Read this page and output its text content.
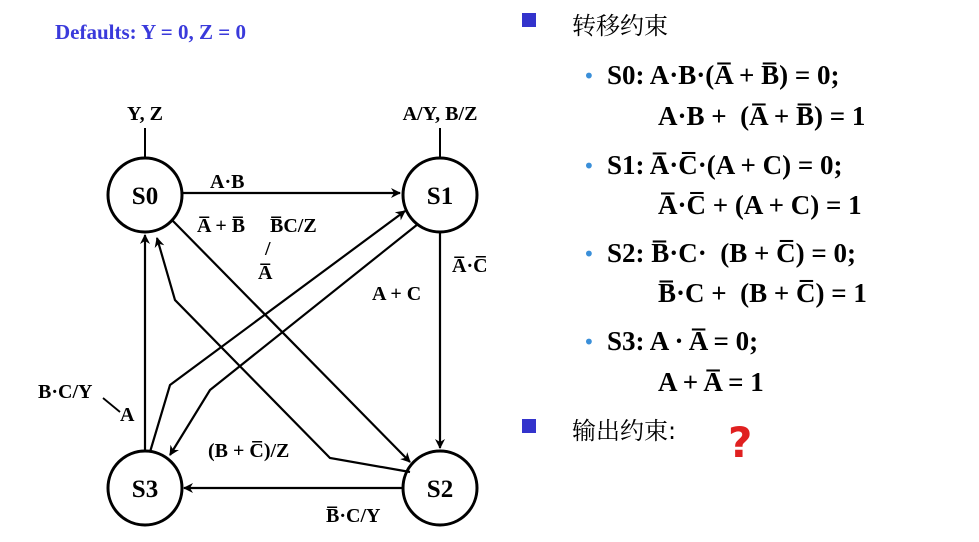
S0	S1
S2
S3
Y, Z	A/Y, B/Z
A·B
A̅ + B̅ B̅C/Z
/
A̅	A̅·C̅
A + C
B·C/Y
A
(B + C̅)/Z
B̅·C/Y
S0: A·B·(A̅ + B̅) = 0;
A·B +  (A̅ + B̅) = 1
S1: A̅·C̅·(A + C) = 0;
A̅·C̅ + (A + C) = 1
S2: B̅·C·  (B + C̅) = 0;
B̅·C +  (B + C̅) = 1
S3: A · A̅ = 0;
A + A̅ = 1
Defaults: Y = 0, Z = 0	转移约束
•
•
•
•
输出约束: ?
